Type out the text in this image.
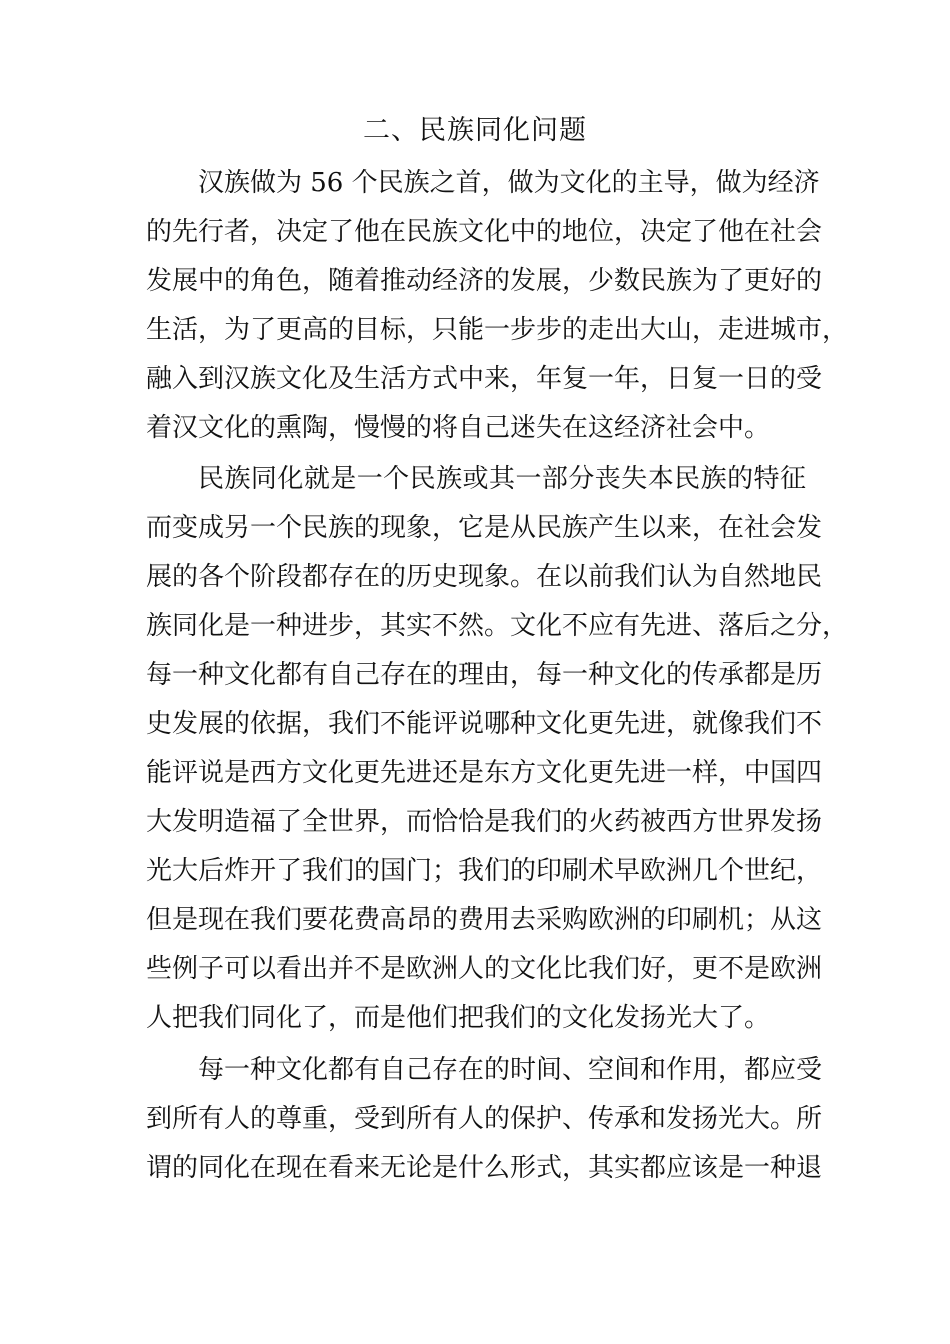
二、民族同化问题
汉族做为 56 个民族之首，做为文化的主导，做为经济
的先行者，决定了他在民族文化中的地位，决定了他在社会
发展中的角色，随着推动经济的发展，少数民族为了更好的
生活，为了更高的目标，只能一步步的走出大山，走进城市，
融入到汉族文化及生活方式中来，年复一年，日复一日的受
着汉文化的熏陶，慢慢的将自己迷失在这经济社会中。
民族同化就是一个民族或其一部分丧失本民族的特征
而变成另一个民族的现象，它是从民族产生以来，在社会发
展的各个阶段都存在的历史现象。在以前我们认为自然地民
族同化是一种进步，其实不然。文化不应有先进、落后之分，
每一种文化都有自己存在的理由，每一种文化的传承都是历
史发展的依据，我们不能评说哪种文化更先进，就像我们不
能评说是西方文化更先进还是东方文化更先进一样，中国四
大发明造福了全世界，而恰恰是我们的火药被西方世界发扬
光大后炸开了我们的国门；我们的印刷术早欧洲几个世纪，
但是现在我们要花费高昂的费用去采购欧洲的印刷机；从这
些例子可以看出并不是欧洲人的文化比我们好，更不是欧洲
人把我们同化了，而是他们把我们的文化发扬光大了。
每一种文化都有自己存在的时间、空间和作用，都应受
到所有人的尊重，受到所有人的保护、传承和发扬光大。所
谓的同化在现在看来无论是什么形式，其实都应该是一种退
